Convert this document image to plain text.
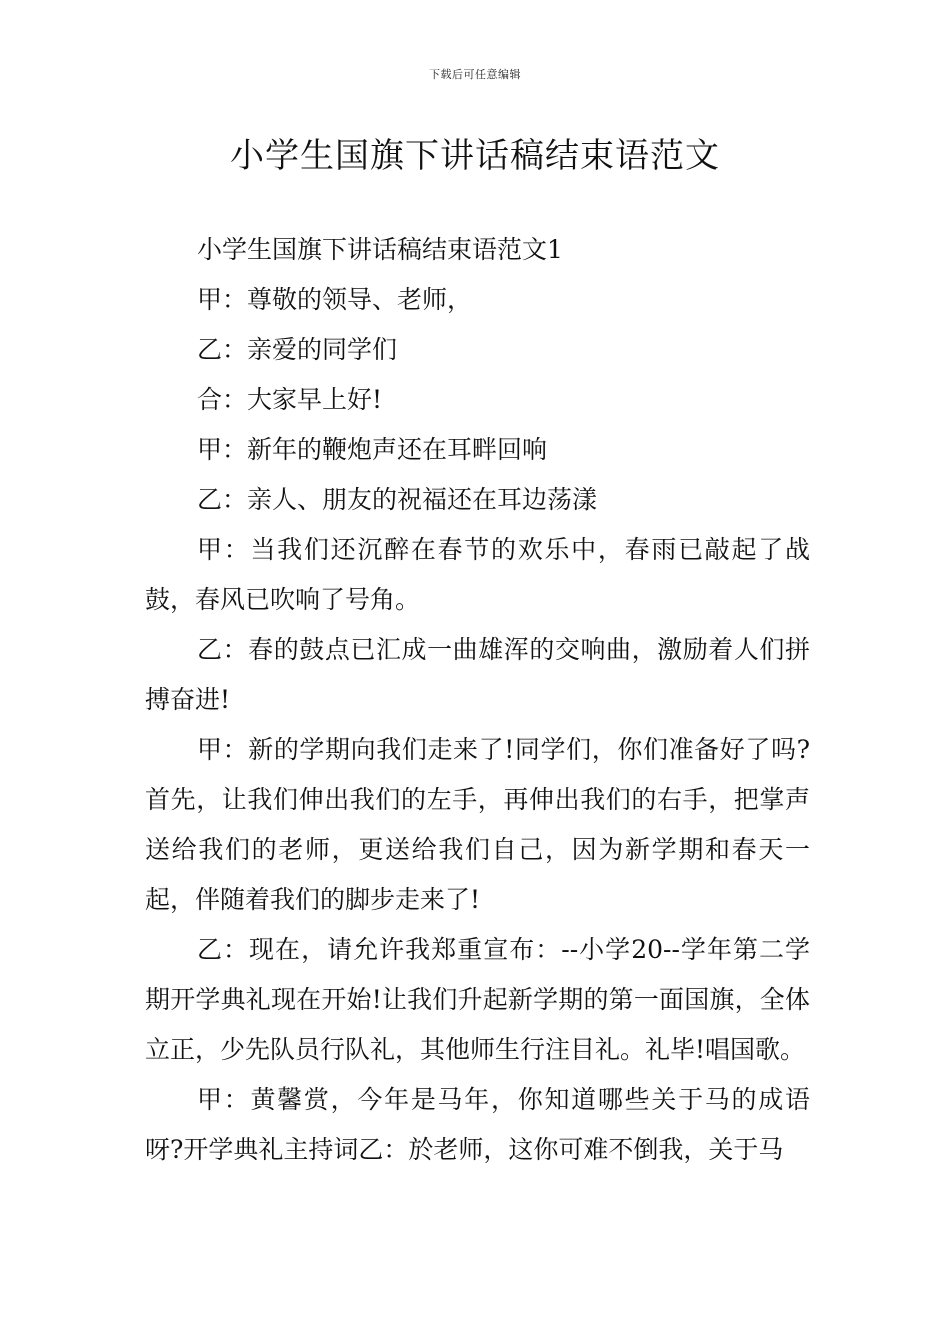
下载后可任意编辑
小学生国旗下讲话稿结束语范文

小学生国旗下讲话稿结束语范文1

甲：尊敬的领导、老师，

乙：亲爱的同学们

合：大家早上好!

甲：新年的鞭炮声还在耳畔回响

乙：亲人、朋友的祝福还在耳边荡漾

甲：当我们还沉醉在春节的欢乐中，春雨已敲起了战鼓，春风已吹响了号角。

乙：春的鼓点已汇成一曲雄浑的交响曲，激励着人们拼搏奋进!

甲：新的学期向我们走来了!同学们，你们准备好了吗?首先，让我们伸出我们的左手，再伸出我们的右手，把掌声送给我们的老师，更送给我们自己，因为新学期和春天一起，伴随着我们的脚步走来了!

乙：现在，请允许我郑重宣布：--小学20--学年第二学期开学典礼现在开始!让我们升起新学期的第一面国旗，全体立正，少先队员行队礼，其他师生行注目礼。礼毕!唱国歌。

甲：黄馨赏，今年是马年，你知道哪些关于马的成语呀?开学典礼主持词乙：於老师，这你可难不倒我，关于马
